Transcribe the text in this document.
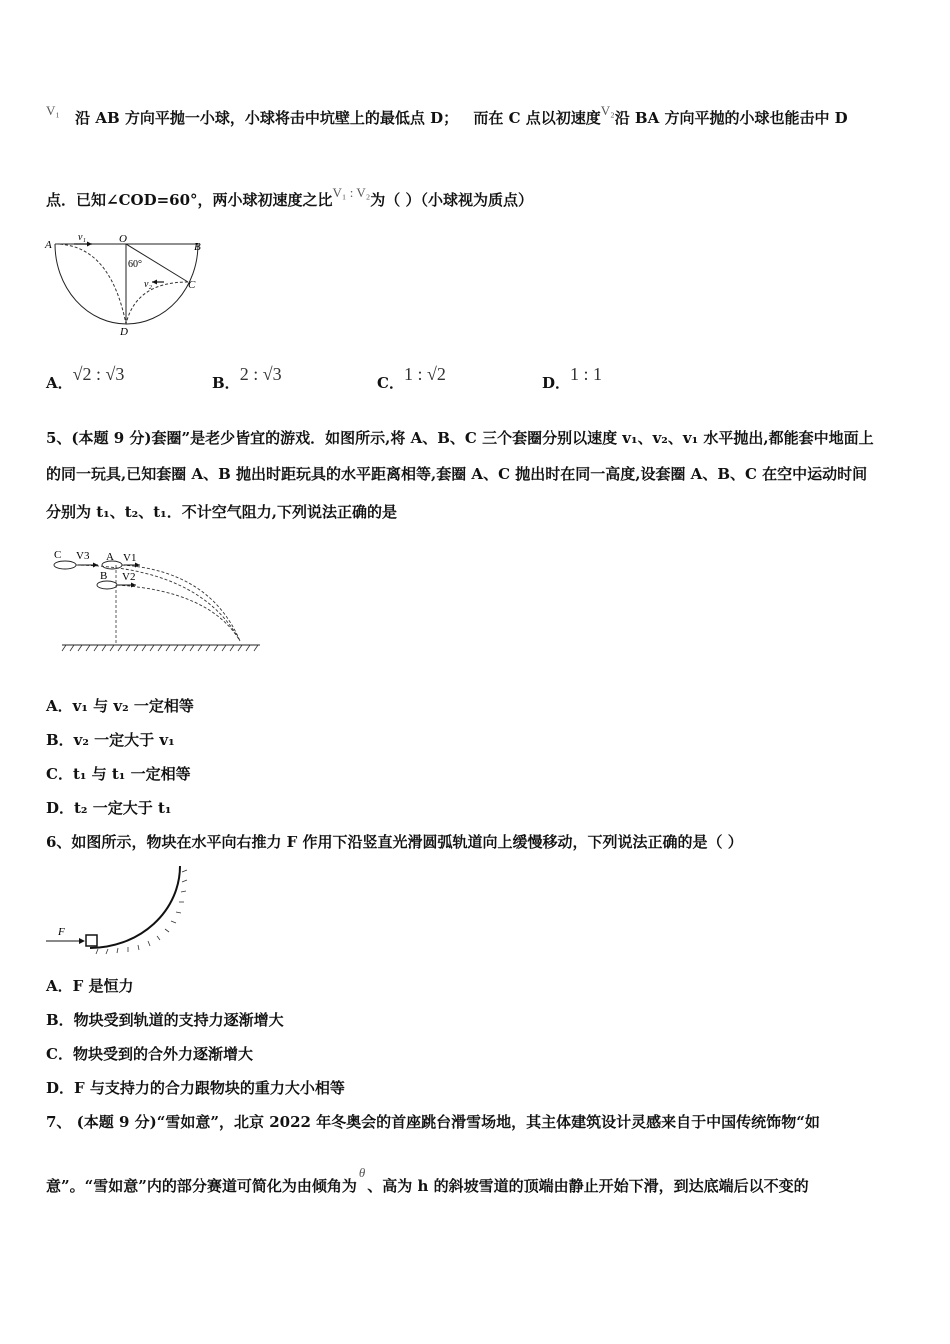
V₁ 沿 AB 方向平抛一小球，小球将击中坑壁上的最低点 D； 而在 C 点以初速度V₂沿 BA 方向平抛的小球也能击中 D
点．已知∠COD=60°，两小球初速度之比V₁ : V₂为（ ）（小球视为质点）
A	B
O
C
D
v₁
v₂
60°
A．√2 : √3	B．2 : √3	C．1 : √2	D．1 : 1
5、(本题 9 分)套圈”是老少皆宜的游戏．如图所示,将 A、B、C 三个套圈分别以速度 v₁、v₂、v₁ 水平抛出,都能套中地面上
的同一玩具,已知套圈 A、B 抛出时距玩具的水平距离相等,套圈 A、C 抛出时在同一高度,设套圈 A、B、C 在空中运动时间
分别为 t₁、t₂、t₁．不计空气阻力,下列说法正确的是
C V3 A V1
B V2
A．v₁ 与 v₂ 一定相等
B．v₂ 一定大于 v₁
C．t₁ 与 t₁ 一定相等
D．t₂ 一定大于 t₁
6、如图所示，物块在水平向右推力 F 作用下沿竖直光滑圆弧轨道向上缓慢移动，下列说法正确的是（ ）
F
A．F 是恒力
B．物块受到轨道的支持力逐渐增大
C．物块受到的合外力逐渐增大
D．F 与支持力的合力跟物块的重力大小相等
7、 (本题 9 分)“雪如意”，北京 2022 年冬奥会的首座跳台滑雪场地，其主体建筑设计灵感来自于中国传统饰物“如
意”。“雪如意”内的部分赛道可简化为由倾角为θ、高为 h 的斜坡雪道的顶端由静止开始下滑，到达底端后以不变的
